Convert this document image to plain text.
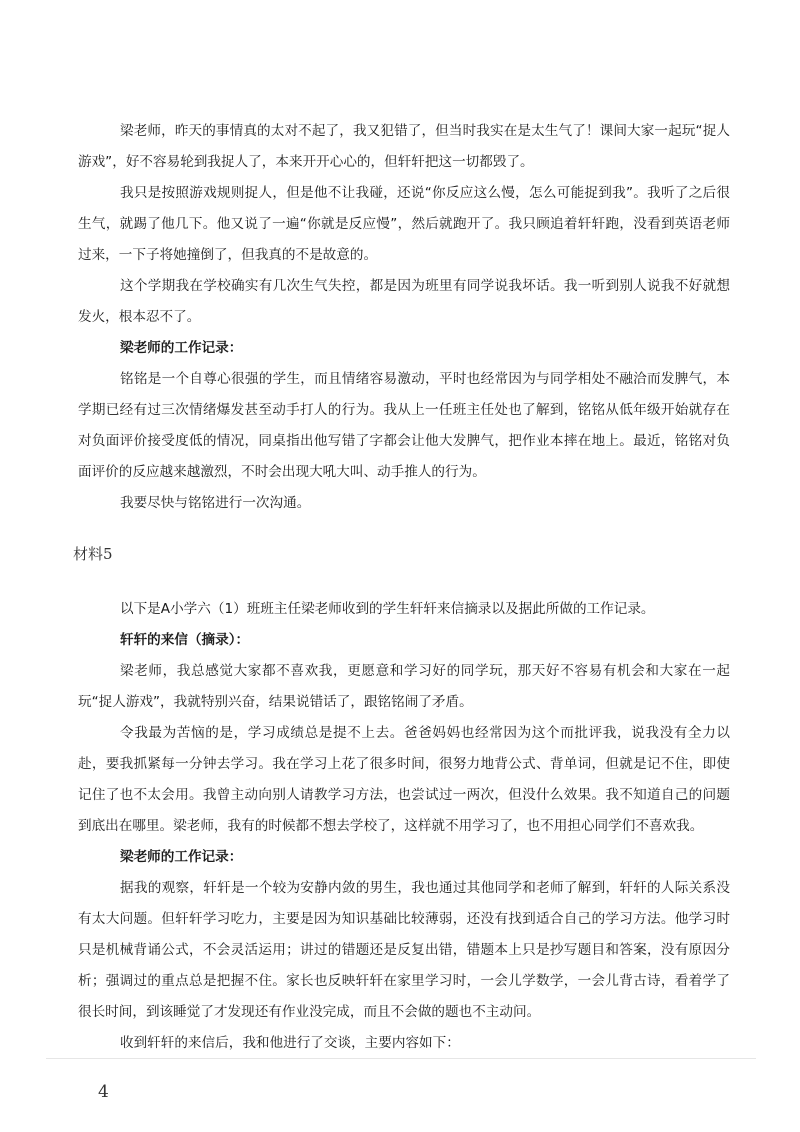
梁老师，昨天的事情真的太对不起了，我又犯错了，但当时我实在是太生气了！课间大家一起玩“捉人游戏”，好不容易轮到我捉人了，本来开开心心的，但轩轩把这一切都毁了。

我只是按照游戏规则捉人，但是他不让我碰，还说“你反应这么慢，怎么可能捉到我”。我听了之后很生气，就踢了他几下。他又说了一遍“你就是反应慢”，然后就跑开了。我只顾追着轩轩跑，没看到英语老师过来，一下子将她撞倒了，但我真的不是故意的。

这个学期我在学校确实有几次生气失控，都是因为班里有同学说我坏话。我一听到别人说我不好就想发火，根本忍不了。

梁老师的工作记录：

铭铭是一个自尊心很强的学生，而且情绪容易激动，平时也经常因为与同学相处不融洽而发脾气，本学期已经有过三次情绪爆发甚至动手打人的行为。我从上一任班主任处也了解到，铭铭从低年级开始就存在对负面评价接受度低的情况，同桌指出他写错了字都会让他大发脾气，把作业本摔在地上。最近，铭铭对负面评价的反应越来越激烈，不时会出现大吼大叫、动手推人的行为。

我要尽快与铭铭进行一次沟通。

材料5

以下是A小学六（1）班班主任梁老师收到的学生轩轩来信摘录以及据此所做的工作记录。

轩轩的来信（摘录）：

梁老师，我总感觉大家都不喜欢我，更愿意和学习好的同学玩，那天好不容易有机会和大家在一起玩“捉人游戏”，我就特别兴奋，结果说错话了，跟铭铭闹了矛盾。

令我最为苦恼的是，学习成绩总是提不上去。爸爸妈妈也经常因为这个而批评我，说我没有全力以赴，要我抓紧每一分钟去学习。我在学习上花了很多时间，很努力地背公式、背单词，但就是记不住，即使记住了也不太会用。我曾主动向别人请教学习方法，也尝试过一两次，但没什么效果。我不知道自己的问题到底出在哪里。梁老师，我有的时候都不想去学校了，这样就不用学习了，也不用担心同学们不喜欢我。

梁老师的工作记录：

据我的观察，轩轩是一个较为安静内敛的男生，我也通过其他同学和老师了解到，轩轩的人际关系没有太大问题。但轩轩学习吃力，主要是因为知识基础比较薄弱，还没有找到适合自己的学习方法。他学习时只是机械背诵公式，不会灵活运用；讲过的错题还是反复出错，错题本上只是抄写题目和答案，没有原因分析；强调过的重点总是把握不住。家长也反映轩轩在家里学习时，一会儿学数学，一会儿背古诗，看着学了很长时间，到该睡觉了才发现还有作业没完成，而且不会做的题也不主动问。

收到轩轩的来信后，我和他进行了交谈，主要内容如下：

4
